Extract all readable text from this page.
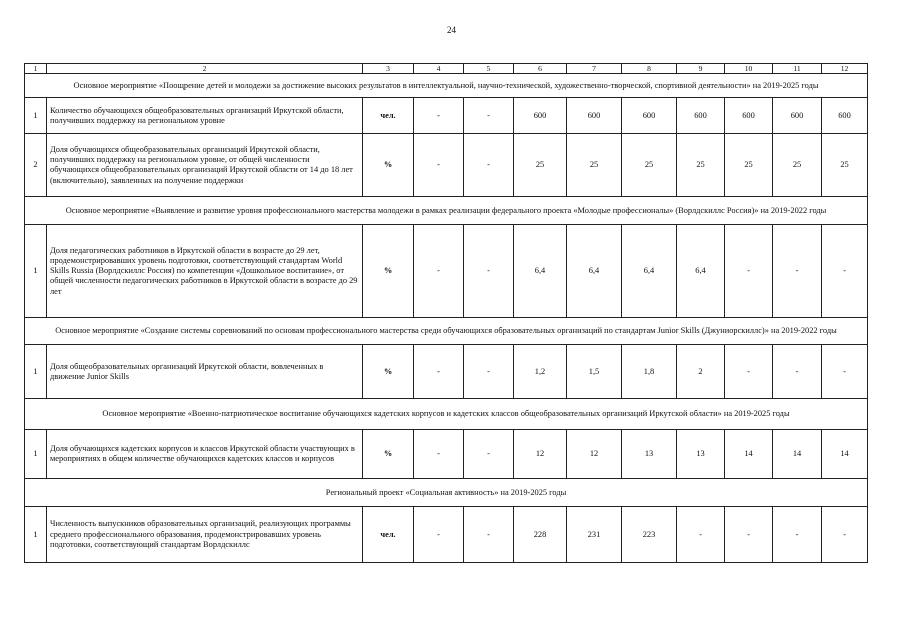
24
1	2	3	4	5	6	7	8	9	10	11	12
Основное мероприятие «Поощрение детей и молодежи за достижение высоких результатов в интеллектуальной, научно-технической, художественно-творческой, спортивной деятельности» на 2019-2025 годы											
1	Количество обучающихся общеобразовательных организаций Иркутской области, получивших поддержку на региональном уровне	чел.	-	-	600	600	600	600	600	600	600
2	Доля обучающихся общеобразовательных организаций Иркутской области, получивших поддержку на региональном уровне, от общей численности обучающихся общеобразовательных организаций Иркутской области от 14 до 18 лет (включительно), заявленных на получение поддержки	%	-	-	25	25	25	25	25	25	25
Основное мероприятие «Выявление и развитие уровня профессионального мастерства молодежи в рамках реализации федерального проекта «Молодые профессионалы» (Ворлдскиллс Россия)» на 2019-2022 годы											
1	Доля педагогических работников в Иркутской области в возрасте до 29 лет, продемонстрировавших уровень подготовки, соответствующий стандартам World Skills Russia (Ворлдскиллс Россия) по компетенции «Дошкольное воспитание», от общей численности педагогических работников в Иркутской области в возрасте до 29 лет	%	-	-	6,4	6,4	6,4	6,4	-	-	-
Основное мероприятие «Создание системы соревнований по основам профессионального мастерства среди обучающихся образовательных организаций по стандартам Junior Skills (Джуниорскиллс)» на 2019-2022 годы											
1	Доля общеобразовательных организаций Иркутской области, вовлеченных в движение Junior Skills	%	-	-	1,2	1,5	1,8	2	-	-	-
Основное мероприятие «Военно-патриотическое воспитание обучающихся кадетских корпусов и кадетских классов общеобразовательных организаций Иркутской области» на 2019-2025 годы											
1	Доля обучающихся кадетских корпусов и классов Иркутской области участвующих в мероприятиях в общем количестве обучающихся кадетских классов и корпусов	%	-	-	12	12	13	13	14	14	14
Региональный проект «Социальная активность» на 2019-2025 годы											
1	Численность выпускников образовательных организаций, реализующих программы среднего профессионального образования, продемонстрировавших уровень подготовки, соответствующий стандартам Ворлдскиллс	чел.	-	-	228	231	223	-	-	-	-
